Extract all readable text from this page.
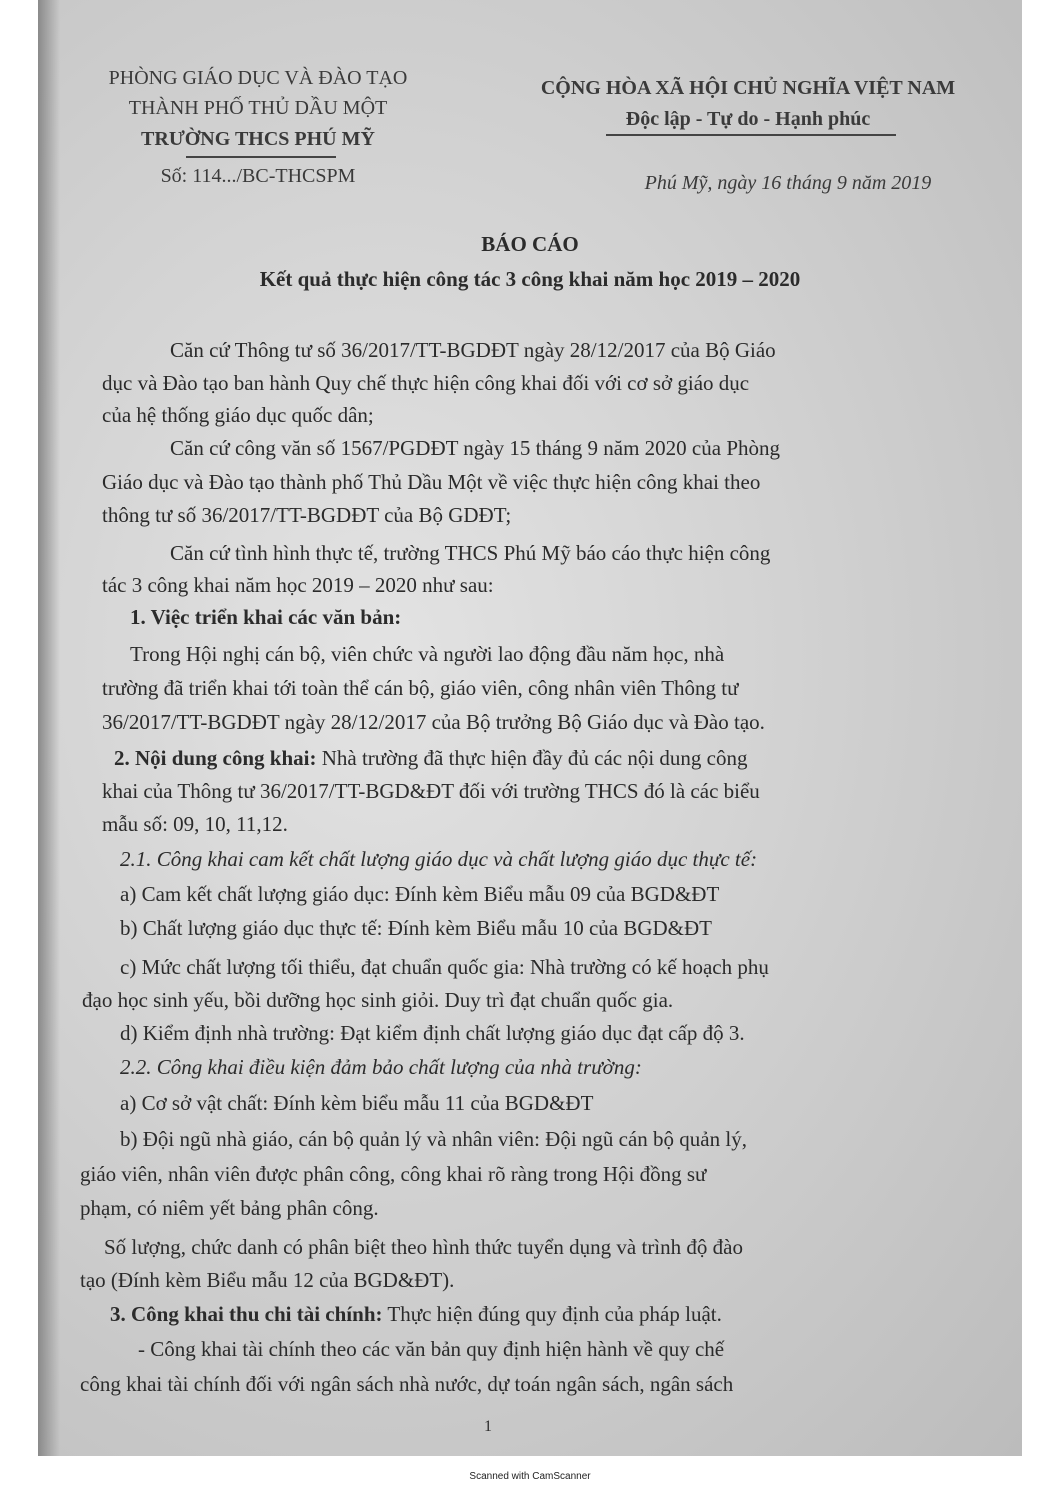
PHÒNG GIÁO DỤC VÀ ĐÀO TẠO
THÀNH PHỐ THỦ DẦU MỘT
TRƯỜNG THCS PHÚ MỸ
Số: 114.../BC-THCSPM
CỘNG HÒA XÃ HỘI CHỦ NGHĨA VIỆT NAM
Độc lập - Tự do - Hạnh phúc
Phú Mỹ, ngày 16 tháng 9 năm 2019
BÁO CÁO
Kết quả thực hiện công tác 3 công khai năm học 2019 – 2020
Căn cứ Thông tư số 36/2017/TT-BGDĐT ngày 28/12/2017 của Bộ Giáo
dục và Đào tạo ban hành Quy chế thực hiện công khai đối với cơ sở giáo dục
của hệ thống giáo dục quốc dân;
Căn cứ công văn số 1567/PGDĐT ngày 15 tháng 9 năm 2020 của Phòng
Giáo dục và Đào tạo thành phố Thủ Dầu Một về việc thực hiện công khai theo
thông tư số 36/2017/TT-BGDĐT của Bộ GDĐT;
Căn cứ tình hình thực tế, trường THCS Phú Mỹ báo cáo thực hiện công
tác 3 công khai năm học 2019 – 2020 như sau:
1. Việc triển khai các văn bản:
Trong Hội nghị cán bộ, viên chức và người lao động đầu năm học, nhà
trường đã triển khai tới toàn thể cán bộ, giáo viên, công nhân viên Thông tư
36/2017/TT-BGDĐT ngày 28/12/2017 của Bộ trưởng Bộ Giáo dục và Đào tạo.
2. Nội dung công khai: Nhà trường đã thực hiện đầy đủ các nội dung công
khai của Thông tư 36/2017/TT-BGD&ĐT đối với trường THCS đó là các biểu
mẫu số: 09, 10, 11,12.
2.1. Công khai cam kết chất lượng giáo dục và chất lượng giáo dục thực tế:
a) Cam kết chất lượng giáo dục: Đính kèm Biểu mẫu 09 của BGD&ĐT
b) Chất lượng giáo dục thực tế: Đính kèm Biểu mẫu 10 của BGD&ĐT
c) Mức chất lượng tối thiểu, đạt chuẩn quốc gia: Nhà trường có kế hoạch phụ
đạo học sinh yếu, bồi dưỡng học sinh giỏi. Duy trì đạt chuẩn quốc gia.
d) Kiểm định nhà trường: Đạt kiểm định chất lượng giáo dục đạt cấp độ 3.
2.2. Công khai điều kiện đảm bảo chất lượng của nhà trường:
a) Cơ sở vật chất: Đính kèm biểu mẫu 11 của BGD&ĐT
b) Đội ngũ nhà giáo, cán bộ quản lý và nhân viên: Đội ngũ cán bộ quản lý,
giáo viên, nhân viên được phân công, công khai rõ ràng trong Hội đồng sư
phạm, có niêm yết bảng phân công.
Số lượng, chức danh có phân biệt theo hình thức tuyển dụng và trình độ đào
tạo (Đính kèm Biểu mẫu 12 của BGD&ĐT).
3. Công khai thu chi tài chính: Thực hiện đúng quy định của pháp luật.
- Công khai tài chính theo các văn bản quy định hiện hành về quy chế
công khai tài chính đối với ngân sách nhà nước, dự toán ngân sách, ngân sách
1
Scanned with CamScanner
